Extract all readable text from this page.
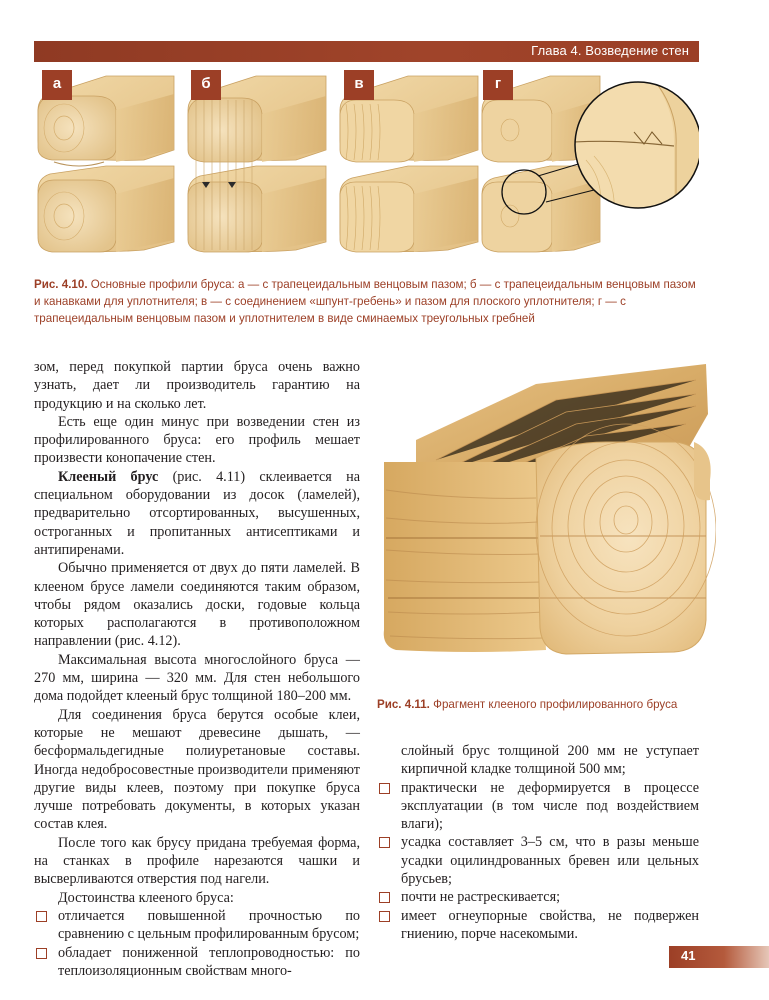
Глава 4. Возведение стен
а	б	в	г
Рис. 4.10. Основные профили бруса: а — с трапецеидальным венцовым пазом; б — с трапецеидальным венцовым пазом и канавками для уплотнителя; в — с соединением «шпунт-гребень» и пазом для плоского уплотнителя; г — с трапецеидальным венцовым пазом и уплотнителем в виде сминаемых треугольных гребней

зом, перед покупкой партии бруса очень важно узнать, дает ли производитель гарантию на продукцию и на сколько лет.

Есть еще один минус при возведении стен из профилированного бруса: его профиль мешает произвести конопачение стен.

Клееный брус (рис. 4.11) склеивается на специальном оборудовании из досок (ламелей), предварительно отсортированных, высушенных, остроганных и пропитанных антисептиками и антипиренами.

Обычно применяется от двух до пяти ламелей. В клееном брусе ламели соединяются таким образом, чтобы рядом оказались доски, годовые кольца которых располагаются в противоположном направлении (рис. 4.12).

Максимальная высота многослойного бруса — 270 мм, ширина — 320 мм. Для стен небольшого дома подойдет клееный брус толщиной 180–200 мм.

Для соединения бруса берутся особые клеи, которые не мешают древесине дышать, — бесформальдегидные полиуретановые составы. Иногда недобросовестные производители применяют другие виды клеев, поэтому при покупке бруса лучше потребовать документы, в которых указан состав клея.

После того как брусу придана требуемая форма, на станках в профиле нарезаются чашки и высверливаются отверстия под нагели.

Достоинства клееного бруса:

отличается повышенной прочностью по сравнению с цельным профилированным брусом;
обладает пониженной теплопроводностью: по теплоизоляционным свойствам много-
Рис. 4.11. Фрагмент клееного профилированного бруса

слойный брус толщиной 200 мм не уступает кирпичной кладке толщиной 500 мм;

практически не деформируется в процессе эксплуатации (в том числе под воздействием влаги);
усадка составляет 3–5 см, что в разы меньше усадки оцилиндрованных бревен или цельных брусьев;
почти не растрескивается;
имеет огнеупорные свойства, не подвержен гниению, порче насекомыми.
41
